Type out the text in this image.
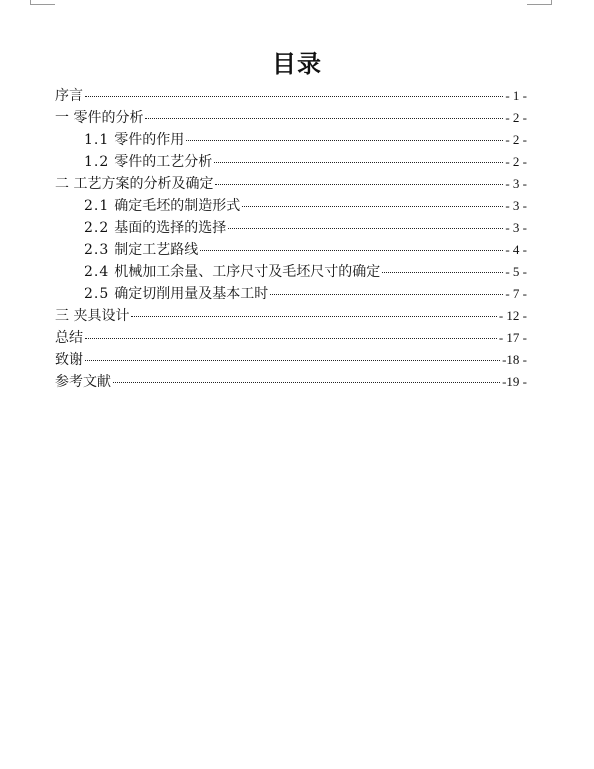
目录
序言	- 1 -
一 零件的分析	- 2 -
1.1 零件的作用	- 2 -
1.2 零件的工艺分析	- 2 -
二 工艺方案的分析及确定	- 3 -
2.1 确定毛坯的制造形式	- 3 -
2.2 基面的选择的选择	- 3 -
2.3 制定工艺路线	- 4 -
2.4 机械加工余量、工序尺寸及毛坯尺寸的确定	- 5 -
2.5 确定切削用量及基本工时	- 7 -
三 夹具设计	- 12 -
总结	- 17 -
致谢	-18 -
参考文献	-19 -
